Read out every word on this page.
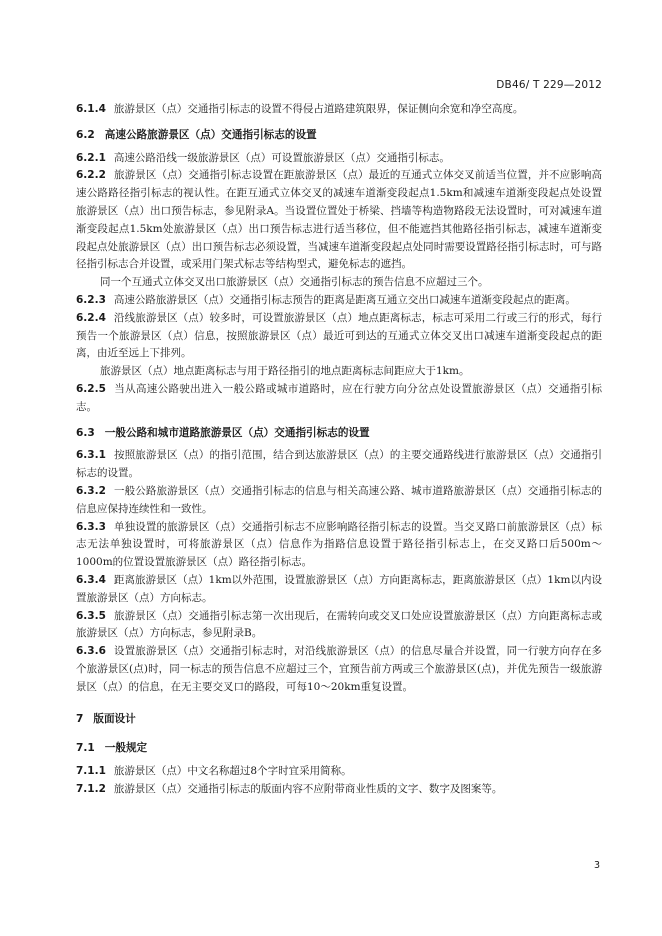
DB46/ T 229—2012

6.1.4 旅游景区（点）交通指引标志的设置不得侵占道路建筑限界，保证侧向余宽和净空高度。

6.2 高速公路旅游景区（点）交通指引标志的设置

6.2.1 高速公路沿线一级旅游景区（点）可设置旅游景区（点）交通指引标志。

6.2.2 旅游景区（点）交通指引标志设置在距旅游景区（点）最近的互通式立体交叉前适当位置，并不应影响高速公路路径指引标志的视认性。在距互通式立体交叉的减速车道渐变段起点1.5km和减速车道渐变段起点处设置旅游景区（点）出口预告标志，参见附录A。当设置位置处于桥梁、挡墙等构造物路段无法设置时，可对减速车道渐变段起点1.5km处旅游景区（点）出口预告标志进行适当移位，但不能遮挡其他路径指引标志，减速车道渐变段起点处旅游景区（点）出口预告标志必须设置，当减速车道渐变段起点处同时需要设置路径指引标志时，可与路径指引标志合并设置，或采用门架式标志等结构型式，避免标志的遮挡。

同一个互通式立体交叉出口旅游景区（点）交通指引标志的预告信息不应超过三个。

6.2.3 高速公路旅游景区（点）交通指引标志预告的距离是距离互通立交出口减速车道渐变段起点的距离。

6.2.4 沿线旅游景区（点）较多时，可设置旅游景区（点）地点距离标志，标志可采用二行或三行的形式，每行预告一个旅游景区（点）信息，按照旅游景区（点）最近可到达的互通式立体交叉出口减速车道渐变段起点的距离，由近至远上下排列。

旅游景区（点）地点距离标志与用于路径指引的地点距离标志间距应大于1km。

6.2.5 当从高速公路驶出进入一般公路或城市道路时，应在行驶方向分岔点处设置旅游景区（点）交通指引标志。

6.3 一般公路和城市道路旅游景区（点）交通指引标志的设置

6.3.1 按照旅游景区（点）的指引范围，结合到达旅游景区（点）的主要交通路线进行旅游景区（点）交通指引标志的设置。

6.3.2 一般公路旅游景区（点）交通指引标志的信息与相关高速公路、城市道路旅游景区（点）交通指引标志的信息应保持连续性和一致性。

6.3.3 单独设置的旅游景区（点）交通指引标志不应影响路径指引标志的设置。当交叉路口前旅游景区（点）标志无法单独设置时，可将旅游景区（点）信息作为指路信息设置于路径指引标志上，在交叉路口后500m～1000m的位置设置旅游景区（点）路径指引标志。

6.3.4 距离旅游景区（点）1km以外范围，设置旅游景区（点）方向距离标志，距离旅游景区（点）1km以内设置旅游景区（点）方向标志。

6.3.5 旅游景区（点）交通指引标志第一次出现后，在需转向或交叉口处应设置旅游景区（点）方向距离标志或旅游景区（点）方向标志，参见附录B。

6.3.6 设置旅游景区（点）交通指引标志时，对沿线旅游景区（点）的信息尽量合并设置，同一行驶方向存在多个旅游景区(点)时，同一标志的预告信息不应超过三个，宜预告前方两或三个旅游景区(点)，并优先预告一级旅游景区（点）的信息，在无主要交叉口的路段，可每10～20km重复设置。

7 版面设计
7.1 一般规定

7.1.1 旅游景区（点）中文名称超过8个字时宜采用简称。

7.1.2 旅游景区（点）交通指引标志的版面内容不应附带商业性质的文字、数字及图案等。

3
